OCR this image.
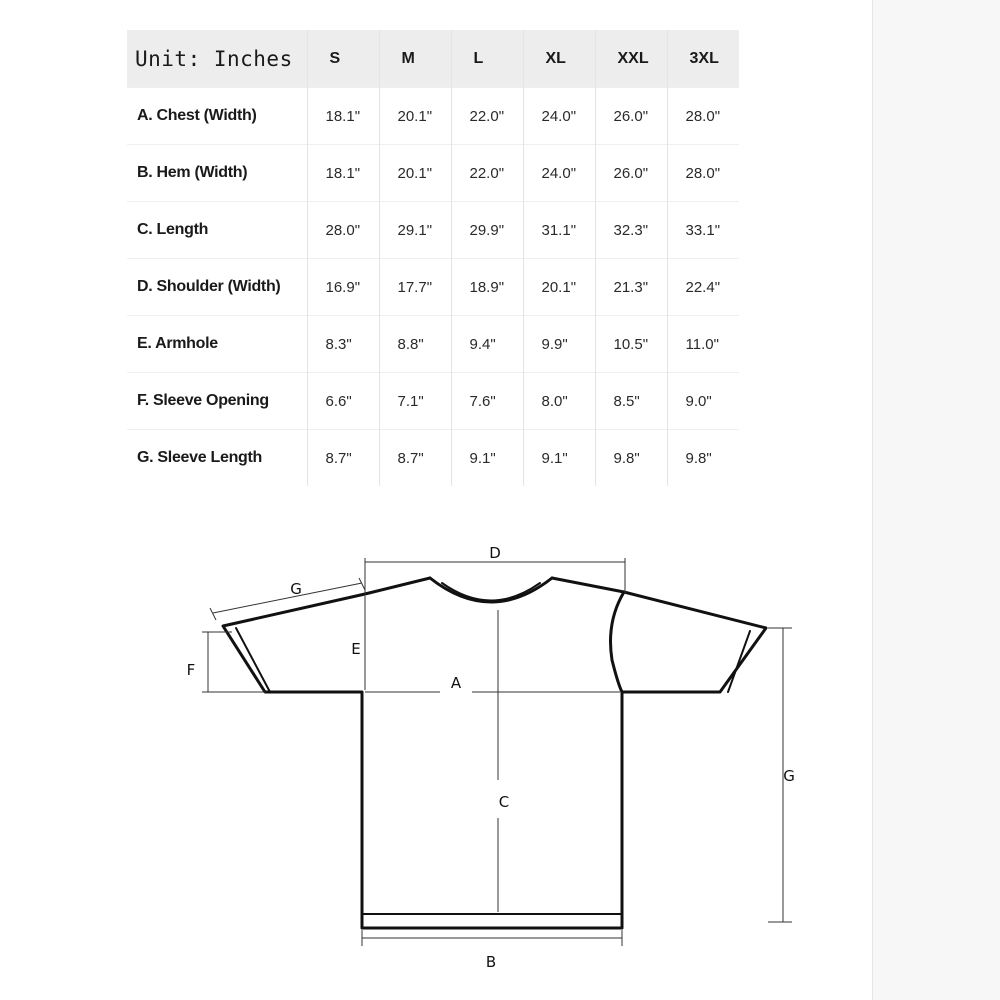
Unit: Inches	S	M	L	XL	XXL	3XL
A. Chest (Width)	18.1"	20.1"	22.0"	24.0"	26.0"	28.0"
B. Hem (Width)	18.1"	20.1"	22.0"	24.0"	26.0"	28.0"
C. Length	28.0"	29.1"	29.9"	31.1"	32.3"	33.1"
D. Shoulder (Width)	16.9"	17.7"	18.9"	20.1"	21.3"	22.4"
E. Armhole	8.3"	8.8"	9.4"	9.9"	10.5"	11.0"
F. Sleeve Opening	6.6"	7.1"	7.6"	8.0"	8.5"	9.0"
G. Sleeve Length	8.7"	8.7"	9.1"	9.1"	9.8"	9.8"
D
G
F
E
A
C
B
G
